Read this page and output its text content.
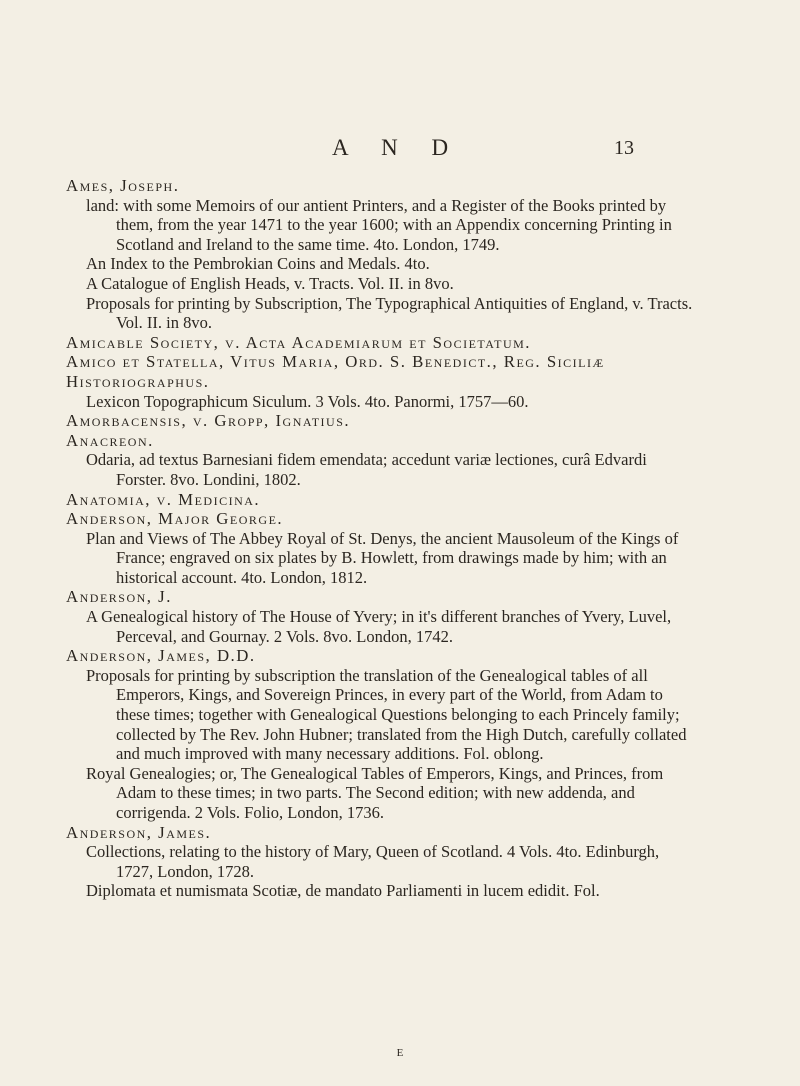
A N D	13

Ames, Joseph.

land: with some Memoirs of our antient Printers, and a Register of the Books printed by them, from the year 1471 to the year 1600; with an Appendix concerning Printing in Scotland and Ireland to the same time. 4to. London, 1749.

An Index to the Pembrokian Coins and Medals. 4to.

A Catalogue of English Heads, v. Tracts. Vol. II. in 8vo.

Proposals for printing by Subscription, The Typographical Antiquities of England, v. Tracts. Vol. II. in 8vo.

Amicable Society, v. Acta Academiarum et Societatum.
Amico et Statella, Vitus Maria, Ord. S. Benedict., Reg. Siciliæ Historiographus.

Lexicon Topographicum Siculum. 3 Vols. 4to. Panormi, 1757—60.

Amorbacensis, v. Gropp, Ignatius.
Anacreon.

Odaria, ad textus Barnesiani fidem emendata; accedunt variæ lectiones, curâ Edvardi Forster. 8vo. Londini, 1802.

Anatomia, v. Medicina.
Anderson, Major George.

Plan and Views of The Abbey Royal of St. Denys, the ancient Mausoleum of the Kings of France; engraved on six plates by B. Howlett, from drawings made by him; with an historical account. 4to. London, 1812.

Anderson, J.

A Genealogical history of The House of Yvery; in it's different branches of Yvery, Luvel, Perceval, and Gournay. 2 Vols. 8vo. London, 1742.

Anderson, James, D.D.

Proposals for printing by subscription the translation of the Genealogical tables of all Emperors, Kings, and Sovereign Princes, in every part of the World, from Adam to these times; together with Genealogical Questions belonging to each Princely family; collected by The Rev. John Hubner; translated from the High Dutch, carefully collated and much improved with many necessary additions. Fol. oblong.

Royal Genealogies; or, The Genealogical Tables of Emperors, Kings, and Princes, from Adam to these times; in two parts. The Second edition; with new addenda, and corrigenda. 2 Vols. Folio, London, 1736.

Anderson, James.

Collections, relating to the history of Mary, Queen of Scotland. 4 Vols. 4to. Edinburgh, 1727, London, 1728.

Diplomata et numismata Scotiæ, de mandato Parliamenti in lucem edidit. Fol.

E
